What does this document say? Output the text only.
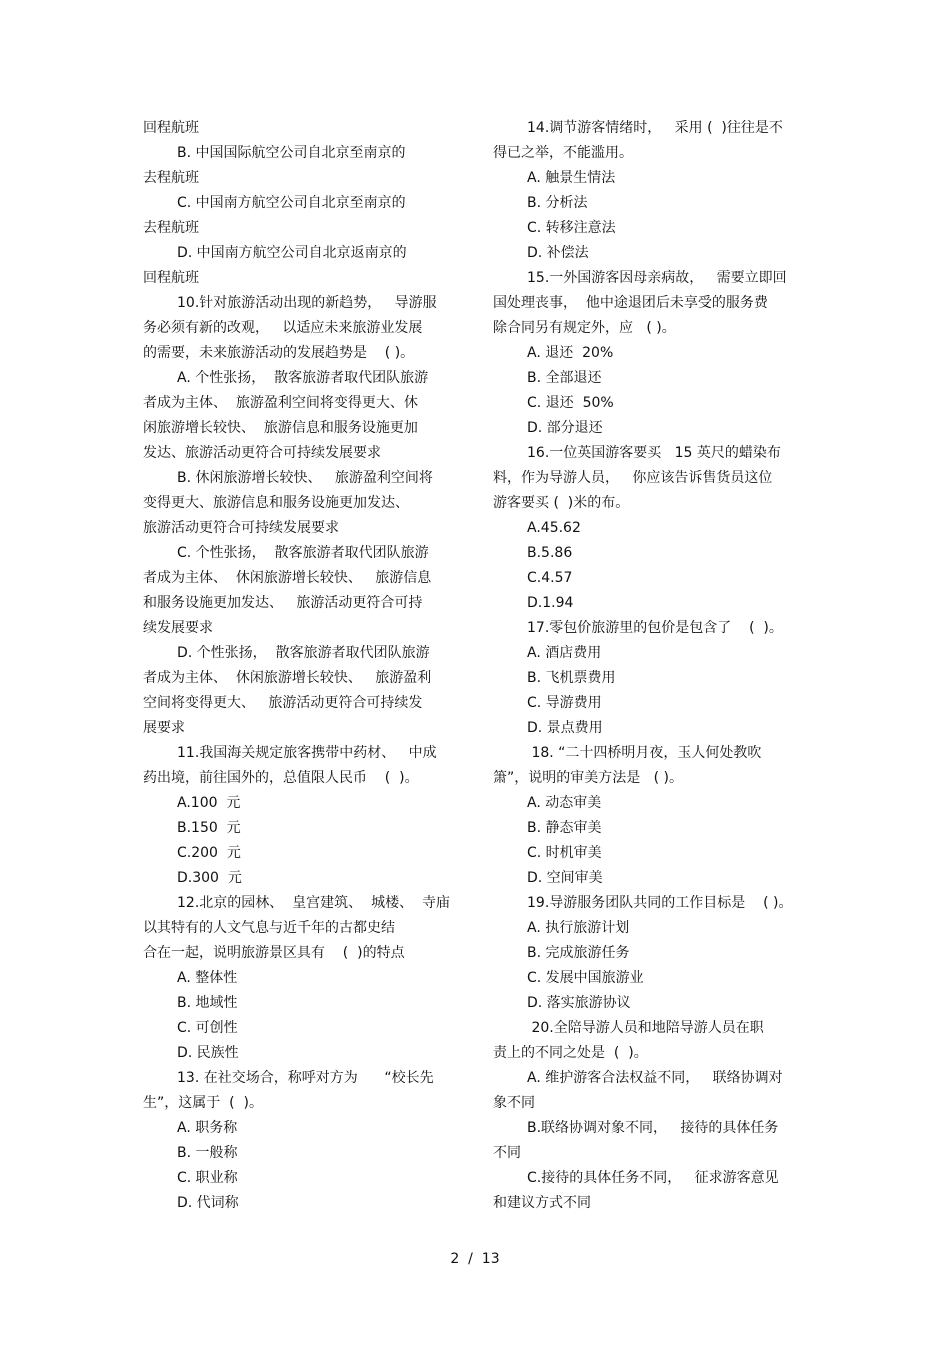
回程航班
B. 中国国际航空公司自北京至南京的
去程航班
C. 中国南方航空公司自北京至南京的
去程航班
D. 中国南方航空公司自北京返南京的
回程航班
10.针对旅游活动出现的新趋势，   导游服
务必须有新的改观，   以适应未来旅游业发展
的需要，未来旅游活动的发展趋势是    ( )。
A. 个性张扬，  散客旅游者取代团队旅游
者成为主体、  旅游盈利空间将变得更大、休
闲旅游增长较快、  旅游信息和服务设施更加
发达、旅游活动更符合可持续发展要求
B. 休闲旅游增长较快、   旅游盈利空间将
变得更大、旅游信息和服务设施更加发达、
旅游活动更符合可持续发展要求
C. 个性张扬，  散客旅游者取代团队旅游
者成为主体、  休闲旅游增长较快、   旅游信息
和服务设施更加发达、   旅游活动更符合可持
续发展要求
D. 个性张扬，  散客旅游者取代团队旅游
者成为主体、  休闲旅游增长较快、   旅游盈利
空间将变得更大、   旅游活动更符合可持续发
展要求
11.我国海关规定旅客携带中药材、   中成
药出境，前往国外的，总值限人民币    (  )。
A.100  元
B.150  元
C.200  元
D.300  元
12.北京的园林、  皇宫建筑、  城楼、  寺庙
以其特有的人文气息与近千年的古都史结
合在一起，说明旅游景区具有    (  )的特点
A. 整体性
B. 地域性
C. 可创性
D. 民族性
13. 在社交场合，称呼对方为      “校长先
生”，这属于  (  )。
A. 职务称
B. 一般称
C. 职业称
D. 代词称
14.调节游客情绪时，   采用 (  )往往是不
得已之举，不能滥用。
A. 触景生情法
B. 分析法
C. 转移注意法
D. 补偿法
15.一外国游客因母亲病故，   需要立即回
国处理丧事，  他中途退团后未享受的服务费
除合同另有规定外，应   ( )。
A. 退还  20%
B. 全部退还
C. 退还  50%
D. 部分退还
16.一位英国游客要买   15 英尺的蜡染布
料，作为导游人员，   你应该告诉售货员这位
游客要买 (  )米的布。
A.45.62
B.5.86
C.4.57
D.1.94
17.零包价旅游里的包价是包含了    (  )。
A. 酒店费用
B. 飞机票费用
C. 导游费用
D. 景点费用
18. “二十四桥明月夜，玉人何处教吹
箫”，说明的审美方法是   ( )。
A. 动态审美
B. 静态审美
C. 时机审美
D. 空间审美
19.导游服务团队共同的工作目标是    ( )。
A. 执行旅游计划
B. 完成旅游任务
C. 发展中国旅游业
D. 落实旅游协议
20.全陪导游人员和地陪导游人员在职
责上的不同之处是  (  )。
A. 维护游客合法权益不同，   联络协调对
象不同
B.联络协调对象不同，   接待的具体任务
不同
C.接待的具体任务不同，   征求游客意见
和建议方式不同
2  /  13
